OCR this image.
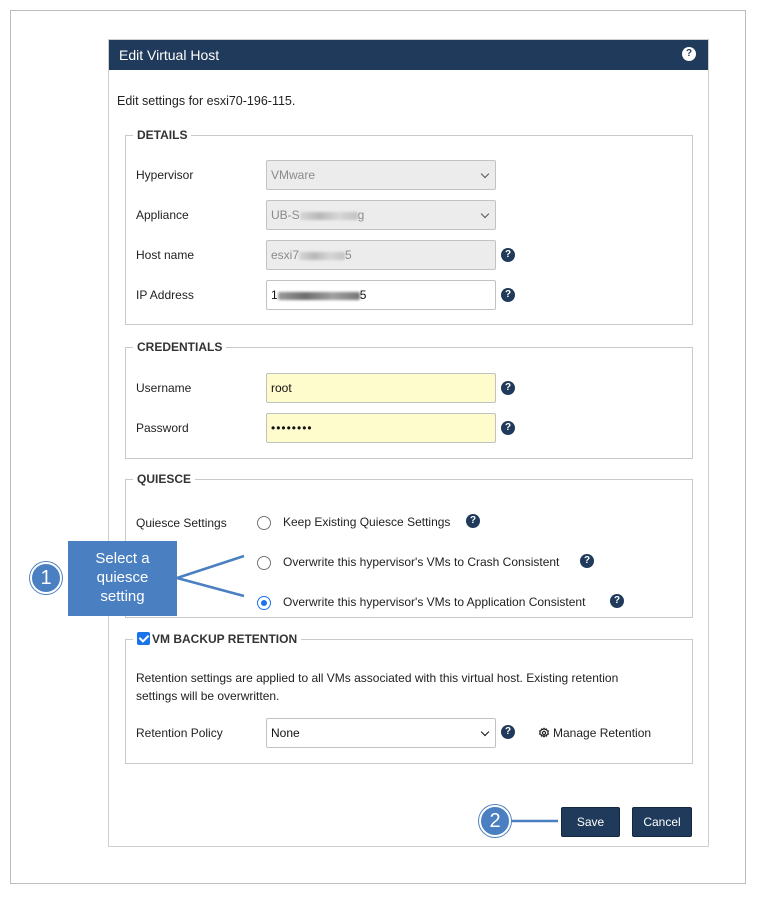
Edit Virtual Host	?
Edit settings for esxi70-196-115.
DETAILS
Hypervisor	VMware
Appliance	UB-S	g
Host name	esxi7	5	?
IP Address	1	5	?
CREDENTIALS
Username	root	?
Password	••••••••	?
QUIESCE
Quiesce Settings	Keep Existing Quiesce Settings	?
Overwrite this hypervisor's VMs to Crash Consistent	?
Overwrite this hypervisor's VMs to Application Consistent	?
VM BACKUP RETENTION
Retention settings are applied to all VMs associated with this virtual host. Existing retention
settings will be overwritten.
Retention Policy	None	?	Manage Retention
Save	Cancel
1
Select a
quiesce
setting
2
